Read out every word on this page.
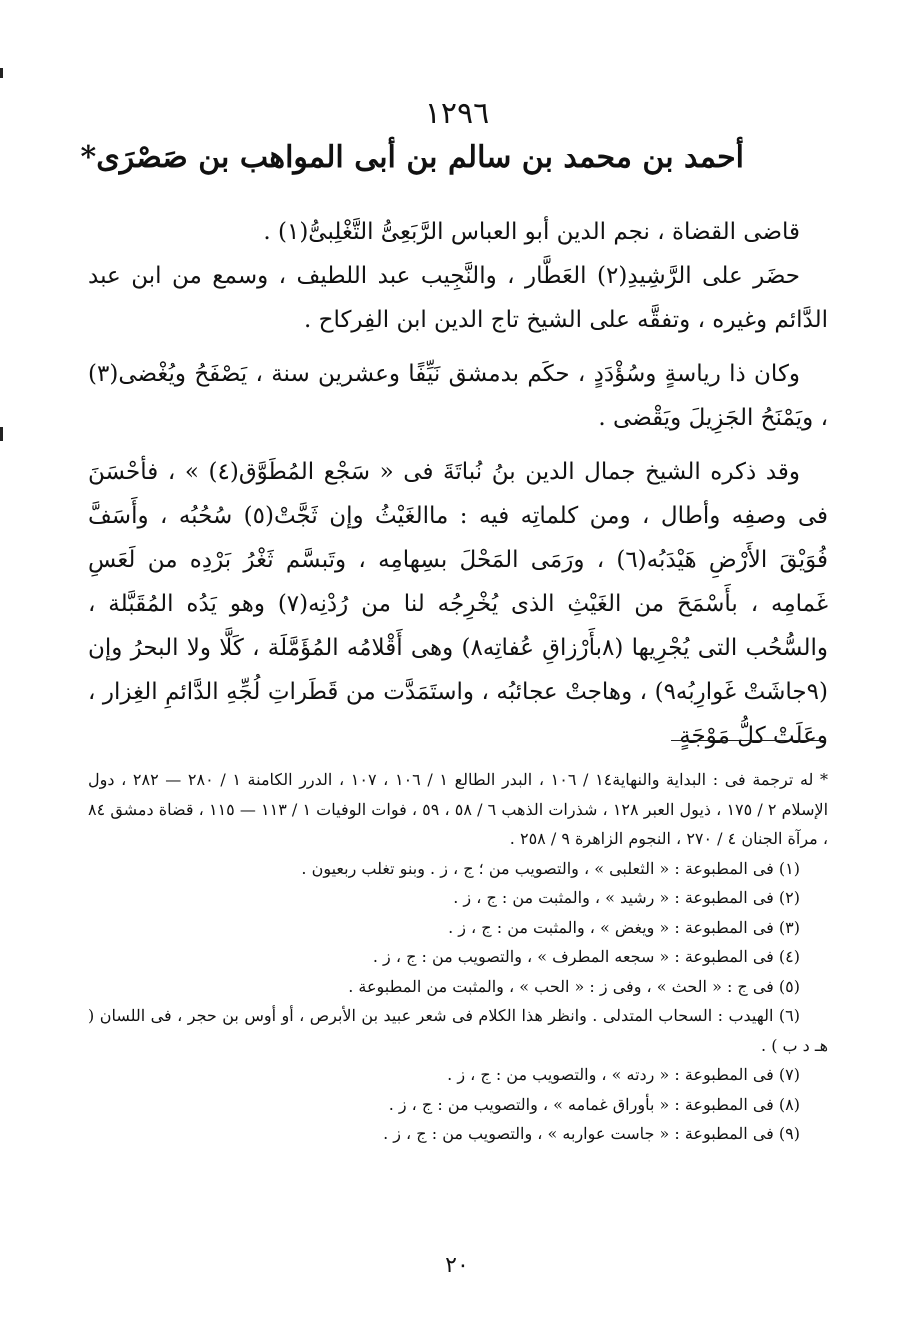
١٢٩٦
أحمد بن محمد بن سالم بن أبى المواهب بن صَصْرَى*

قاضى القضاة ، نجم الدين أبو العباس الرَّبَعِىُّ التَّغْلِبىُّ(١) .

حضَر على الرَّشِيدِ(٢) العَطَّار ، والنَّجِيب عبد اللطيف ، وسمع من ابن عبد الدَّائم وغيره ، وتفقَّه على الشيخ تاج الدين ابن الفِركاح .

وكان ذا رياسةٍ وسُؤْدَدٍ ، حكَم بدمشق نَيِّفًا وعشرين سنة ، يَصْفَحُ ويُغْضى(٣) ، ويَمْنَحُ الجَزِيلَ ويَقْضى .

وقد ذكره الشيخ جمال الدين بنُ نُباتَةَ فى « سَجْع المُطَوَّق(٤) » ، فأحْسَنَ فى وصفِه وأطال ، ومن كلماتِه فيه : ماالغَيْثُ وإن ثَجَّتْ(٥) سُحُبُه ، وأَسَفَّ فُوَيْقَ الأَرْضِ هَيْدَبُه(٦) ، ورَمَى المَحْلَ بسِهامِه ، وتَبسَّم ثَغْرُ بَرْدِه من لَعَسِ غَمامِه ، بأَسْمَحَ من الغَيْثِ الذى يُخْرِجُه لنا من رُدْنِه(٧) وهو يَدُه المُقَبَّلة ، والسُّحُب التى يُجْرِيها (٨بأَرْزاقِ عُفاتِه٨) وهى أَقْلامُه المُؤَمَّلَة ، كَلَّا ولا البحرُ وإن (٩جاشَتْ غَوارِبُه٩) ، وهاجتْ عجائبُه ، واستَمَدَّت من قَطَراتِ لُجِّهِ الدَّائمِ الغِزار ، وعَلَتْ كلُّ مَوْجَةٍ

* له ترجمة فى : البداية والنهاية١٤ / ١٠٦ ، البدر الطالع ١ / ١٠٦ ، ١٠٧ ، الدرر الكامنة ١ / ٢٨٠ — ٢٨٢ ، دول الإسلام ٢ / ١٧٥ ، ذيول العبر ١٢٨ ، شذرات الذهب ٦ / ٥٨ ، ٥٩ ، فوات الوفيات ١ / ١١٣ — ١١٥ ، قضاة دمشق ٨٤ ، مرآة الجنان ٤ / ٢٧٠ ، النجوم الزاهرة ٩ / ٢٥٨ .
(١) فى المطبوعة : « الثعلبى » ، والتصويب من ؛ ج ، ز . وبنو تغلب ربعيون .
(٢) فى المطبوعة : « رشيد » ، والمثبت من : ج ، ز .
(٣) فى المطبوعة : « ويغض » ، والمثبت من : ج ، ز .
(٤) فى المطبوعة : « سجعه المطرف » ، والتصويب من : ج ، ز .
(٥) فى ج : « الحث » ، وفى ز : « الحب » ، والمثبت من المطبوعة .
(٦) الهيدب : السحاب المتدلى . وانظر هذا الكلام فى شعر عبيد بن الأبرص ، أو أوس بن حجر ، فى اللسان ( هـ د ب ) .
(٧) فى المطبوعة : « ردته » ، والتصويب من : ج ، ز .
(٨) فى المطبوعة : « بأوراق غمامه » ، والتصويب من : ج ، ز .
(٩) فى المطبوعة : « جاست عواربه » ، والتصويب من : ج ، ز .
٢٠
